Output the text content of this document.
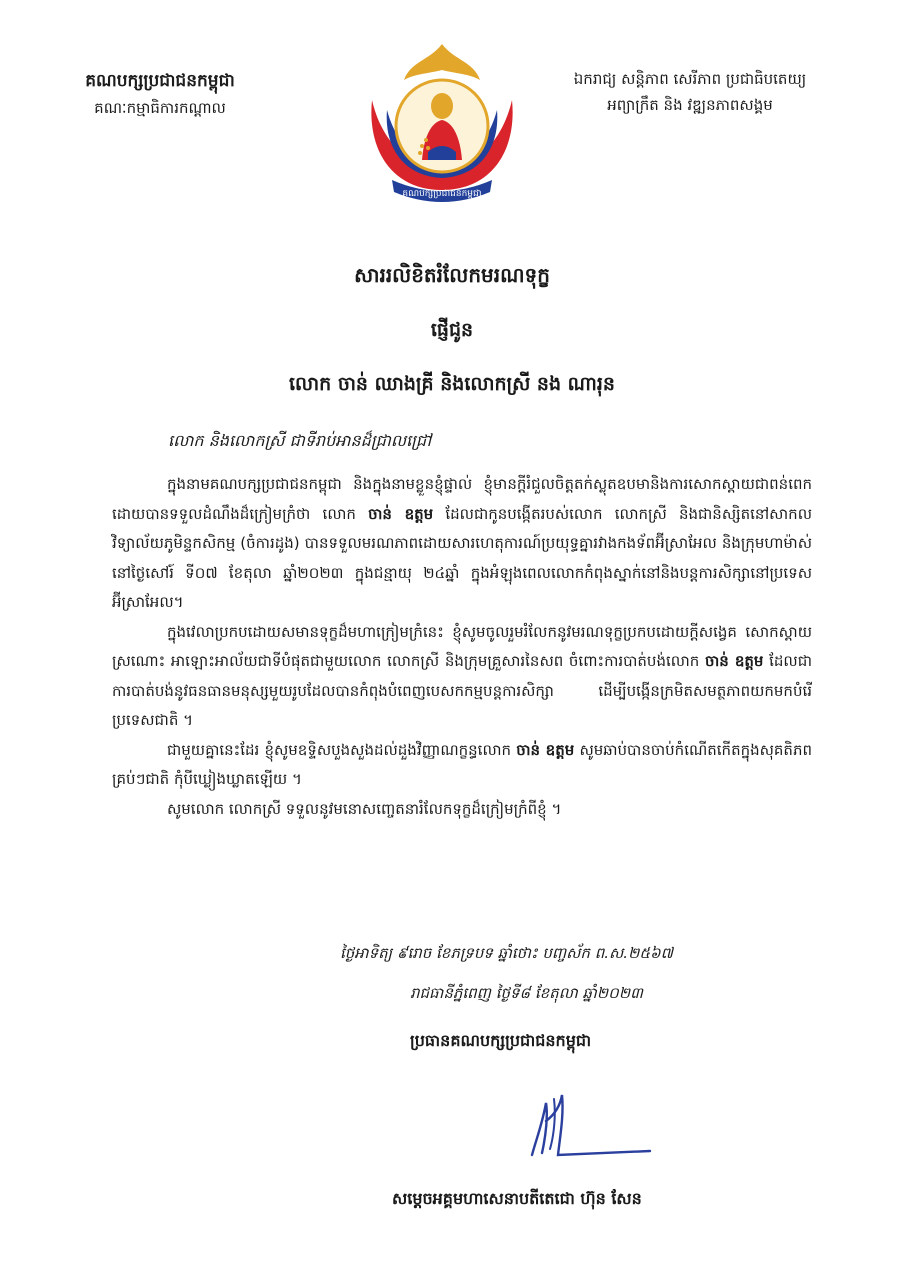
គណបក្សប្រជាជនកម្ពុជា
គណៈកម្មាធិការកណ្តាល
គណបក្សប្រជាជនកម្ពុជា
ឯករាជ្យ សន្តិភាព សេរីភាព ប្រជាធិបតេយ្យ
អព្យាក្រឹត និង វឌ្ឍនភាពសង្គម
សាររលិខិតរំលែកមរណទុក្ខ
ផ្ញើជូន
លោក ចាន់ ឈាងគ្រី និងលោកស្រី នង ណារុន
លោក និងលោកស្រី ជាទីរាប់អានដ៏ជ្រាលជ្រៅ

ក្នុងនាមគណបក្សប្រជាជនកម្ពុជា និងក្នុងនាមខ្លួនខ្ញុំផ្ទាល់ ខ្ញុំមានក្តីរំជួលចិត្តតក់ស្លុតឧបមានិងការសោកស្តាយជាពន់ពេក ដោយបានទទួលដំណឹងដ៏ក្រៀមក្រំថា លោក ចាន់ ឧត្តម ដែលជាកូនបង្កើតរបស់លោក លោកស្រី និងជានិស្សិតនៅសាកលវិទ្យាល័យភូមិន្ទកសិកម្ម (ចំការដូង) បានទទួលមរណភាពដោយសារហេតុការណ៍ប្រយុទ្ធគ្នារវាងកងទ័ពអ៊ីស្រាអែល និងក្រុមហាម៉ាស់ នៅថ្ងៃសៅរ៍ ទី០៧ ខែតុលា ឆ្នាំ២០២៣ ក្នុងជន្មាយុ ២៤ឆ្នាំ ក្នុងអំឡុងពេលលោកកំពុងស្នាក់នៅនិងបន្តការសិក្សានៅប្រទេសអ៊ីស្រាអែល។

ក្នុងវេលាប្រកបដោយសមានទុក្ខដ៏មហាក្រៀមក្រំនេះ ខ្ញុំសូមចូលរួមរំលែកនូវមរណទុក្ខប្រកបដោយក្តីសង្វេគ សោកស្តាយ ស្រណោះ អាឡោះអាល័យជាទីបំផុតជាមួយលោក លោកស្រី និងក្រុមគ្រួសារនៃសព ចំពោះការបាត់បង់លោក ចាន់ ឧត្តម ដែលជាការបាត់បង់នូវធនធានមនុស្សមួយរូបដែលបានកំពុងបំពេញបេសកកម្មបន្តការសិក្សា ដើម្បីបង្កើនក្រមិតសមត្ថភាពយកមកបំរើប្រទេសជាតិ ។

ជាមួយគ្នានេះដែរ ខ្ញុំសូមឧទ្ទិសបួងសួងដល់ដួងវិញ្ញាណក្ខន្ធលោក ចាន់ ឧត្តម សូមឆាប់បានចាប់កំណើតកើតក្នុងសុគតិភពគ្រប់ៗជាតិ កុំបីឃ្លៀងឃ្លាតឡើយ ។

សូមលោក លោកស្រី ទទួលនូវមនោសញ្ចេតនារំលែកទុក្ខដ៏ក្រៀមក្រំពីខ្ញុំ ។

ថ្ងៃអាទិត្យ ៩រោច ខែភទ្របទ ឆ្នាំថោះ បញ្ចស័ក ព.ស.២៥៦៧
រាជធានីភ្នំពេញ ថ្ងៃទី៨ ខែតុលា ឆ្នាំ២០២៣
ប្រធានគណបក្សប្រជាជនកម្ពុជា
សម្តេចអគ្គមហាសេនាបតីតេជោ ហ៊ុន សែន
